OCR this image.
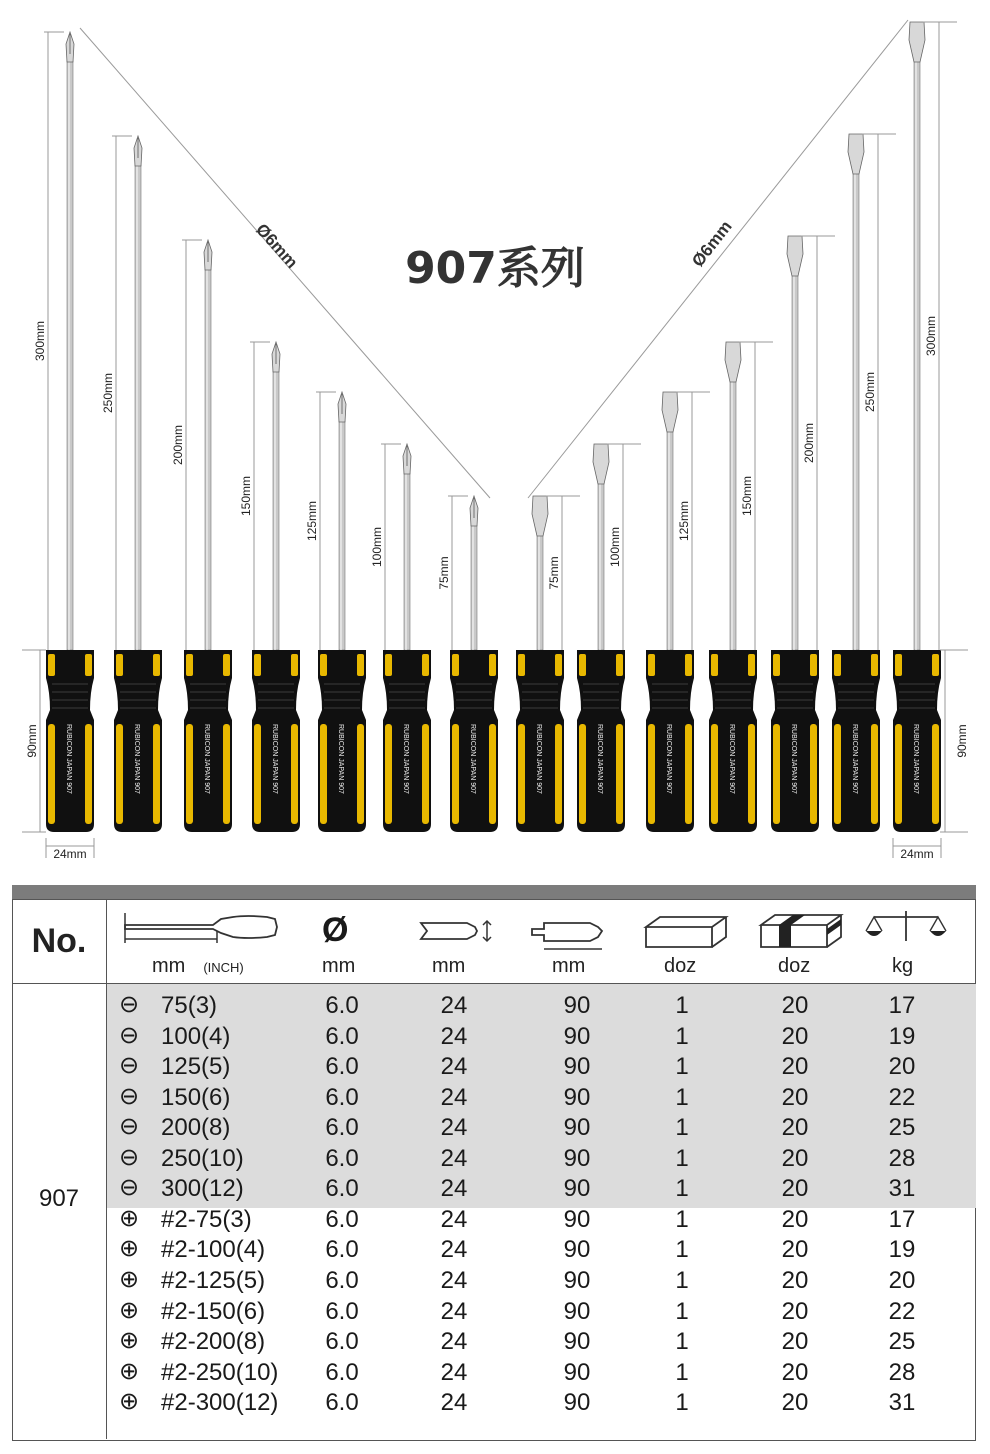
Ø6mm	Ø6mm
RUBICON JAPAN 907
300mm
RUBICON JAPAN 907
250mm
RUBICON JAPAN 907
200mm
RUBICON JAPAN 907
150mm
RUBICON JAPAN 907
125mm
RUBICON JAPAN 907
100mm
RUBICON JAPAN 907
75mm
RUBICON JAPAN 907
75mm
RUBICON JAPAN 907
100mm
RUBICON JAPAN 907
125mm
RUBICON JAPAN 907
150mm
RUBICON JAPAN 907
200mm
RUBICON JAPAN 907
250mm
RUBICON JAPAN 907
300mm
90mm	90mm
24mm	24mm
907系列
No.
mm (INCH)
Ø
mm	mm	mm	doz	doz	kg
907
⊖ 75(3)	6.0	24	90	1	20	17
⊖ 100(4)	6.0	24	90	1	20	19
⊖ 125(5)	6.0	24	90	1	20	20
⊖ 150(6)	6.0	24	90	1	20	22
⊖ 200(8)	6.0	24	90	1	20	25
⊖ 250(10)	6.0	24	90	1	20	28
⊖ 300(12)	6.0	24	90	1	20	31
⊕ #2-75(3)	6.0	24	90	1	20	17
⊕ #2-100(4)	6.0	24	90	1	20	19
⊕ #2-125(5)	6.0	24	90	1	20	20
⊕ #2-150(6)	6.0	24	90	1	20	22
⊕ #2-200(8)	6.0	24	90	1	20	25
⊕ #2-250(10)	6.0	24	90	1	20	28
⊕ #2-300(12)	6.0	24	90	1	20	31
